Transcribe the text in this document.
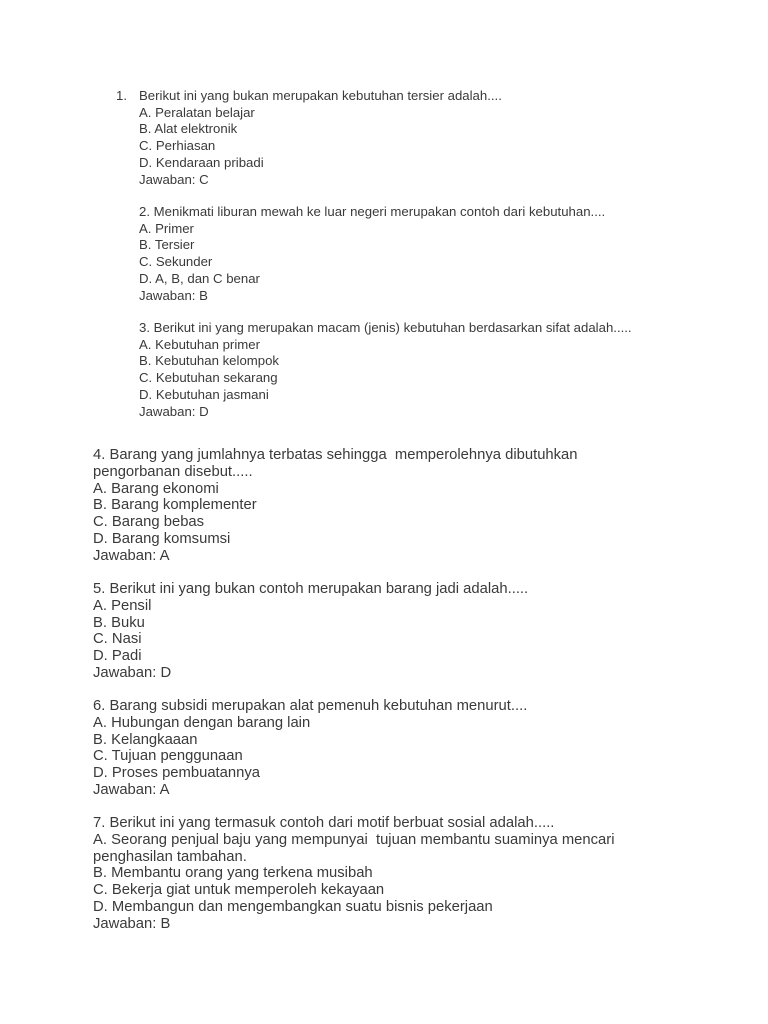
1. Berikut ini yang bukan merupakan kebutuhan tersier adalah....

A. Peralatan belajar

B. Alat elektronik

C. Perhiasan

D. Kendaraan pribadi

Jawaban: C

2. Menikmati liburan mewah ke luar negeri merupakan contoh dari kebutuhan....

A. Primer

B. Tersier

C. Sekunder

D. A, B, dan C benar

Jawaban: B

3. Berikut ini yang merupakan macam (jenis) kebutuhan berdasarkan sifat adalah.....

A. Kebutuhan primer

B. Kebutuhan kelompok

C. Kebutuhan sekarang

D. Kebutuhan jasmani

Jawaban: D

4. Barang yang jumlahnya terbatas sehingga  memperolehnya dibutuhkan

pengorbanan disebut.....

A. Barang ekonomi

B. Barang komplementer

C. Barang bebas

D. Barang komsumsi

Jawaban: A

5. Berikut ini yang bukan contoh merupakan barang jadi adalah.....

A. Pensil

B. Buku

C. Nasi

D. Padi

Jawaban: D

6. Barang subsidi merupakan alat pemenuh kebutuhan menurut....

A. Hubungan dengan barang lain

B. Kelangkaaan

C. Tujuan penggunaan

D. Proses pembuatannya

Jawaban: A

7. Berikut ini yang termasuk contoh dari motif berbuat sosial adalah.....

A. Seorang penjual baju yang mempunyai  tujuan membantu suaminya mencari

penghasilan tambahan.

B. Membantu orang yang terkena musibah

C. Bekerja giat untuk memperoleh kekayaan

D. Membangun dan mengembangkan suatu bisnis pekerjaan

Jawaban: B
